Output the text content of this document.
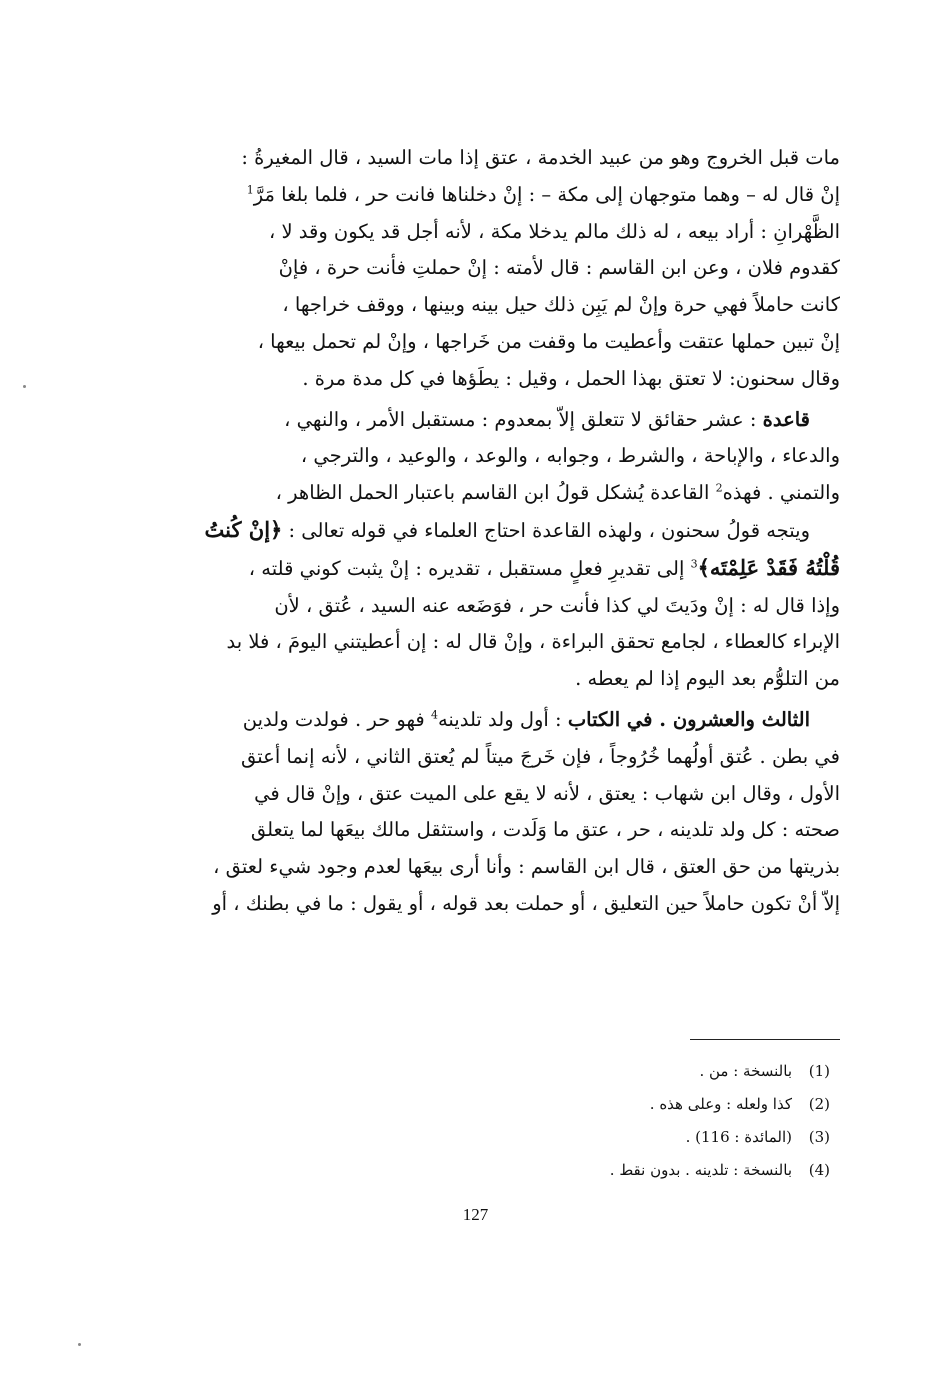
مات قبل الخروج وهو من عبيد الخدمة ، عتق إذا مات السيد ، قال المغيرةُ :
إنْ قال له – وهما متوجهان إلى مكة – : إنْ دخلناها فانت حر ، فلما بلغا مَرَّ$^1$
الظَّهْرانِ : أراد بيعه ، له ذلك مالم يدخلا مكة ، لأنه أجل قد يكون وقد لا ،
كقدوم فلان ، وعن ابن القاسم : قال لأمته : إنْ حملتِ فأنت حرة ، فإنْ
كانت حاملاً فهي حرة وإنْ لم يَبِن ذلك حيل بينه وبينها ، ووقف خراجها ،
إنْ تبين حملها عتقت وأعطيت ما وقفت من خَراجها ، وإنْ لم تحمل بيعها ،
وقال سحنون: لا تعتق بهذا الحمل ، وقيل : يطَؤها في كل مدة مرة .

قاعدة : عشر حقائق لا تتعلق إلاّ بمعدوم : مستقبل الأمر ، والنهي ،
والدعاء ، والإباحة ، والشرط ، وجوابه ، والوعد ، والوعيد ، والترجي ،
والتمني . فهذه$^2$ القاعدة يُشكل قولُ ابن القاسم باعتبار الحمل الظاهر ،
ويتجه قولُ سحنون ، ولهذه القاعدة احتاج العلماء في قوله تعالى : ﴿إنْ كُنتُ
قُلْتُهُ فَقَدْ عَلِمْتَه﴾$^3$ إلى تقديرِ فعلٍ مستقبل ، تقديره : إنْ يثبت كوني قلته ،
وإذا قال له : إنْ ودَيتَ لي كذا فأنت حر ، فوَضَعه عنه السيد ، عُتق ، لأن
الإبراء كالعطاء ، لجامع تحقق البراءة ، وإنْ قال له : إن أعطيتني اليومَ ، فلا بد
من التلوُّم بعد اليوم إذا لم يعطه .

الثالث والعشرون . في الكتاب : أول ولد تلدينه$^4$ فهو حر . فولدت ولدين
في بطن . عُتق أولُهما خُرُوجاً ، فإن خَرجَ ميتاً لم يُعتق الثاني ، لأنه إنما أعتق
الأول ، وقال ابن شهاب : يعتق ، لأنه لا يقع على الميت عتق ، وإنْ قال في
صحته : كل ولد تلدينه ، حر ، عتق ما وَلَدت ، واستثقل مالك بيعَها لما يتعلق
بذريتها من حق العتق ، قال ابن القاسم : وأنا أرى بيعَها لعدم وجود شيء لعتق ،
إلاّ أنْ تكون حاملاً حين التعليق ، أو حملت بعد قوله ، أو يقول : ما في بطنك ، أو

(1)بالنسخة : من .
(2)كذا ولعله : وعلى هذه .
(3)(المائدة : 116) .
(4)بالنسخة : تلدينه . بدون نقط .
127
